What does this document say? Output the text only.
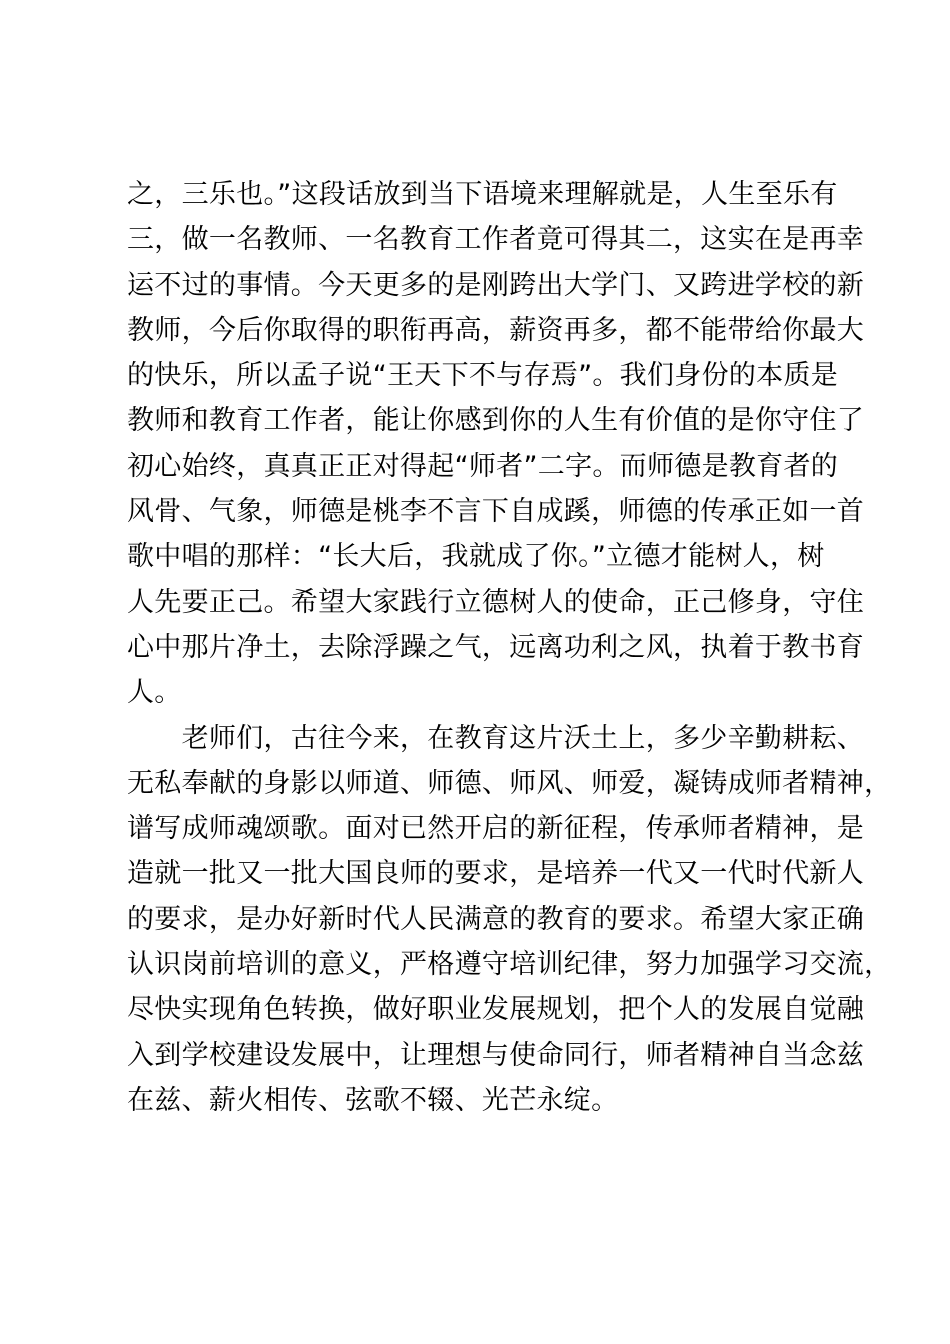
之，三乐也。”这段话放到当下语境来理解就是，人生至乐有
三，做一名教师、一名教育工作者竟可得其二，这实在是再幸
运不过的事情。今天更多的是刚跨出大学门、又跨进学校的新
教师，今后你取得的职衔再高，薪资再多，都不能带给你最大
的快乐，所以孟子说“王天下不与存焉”。我们身份的本质是
教师和教育工作者，能让你感到你的人生有价值的是你守住了
初心始终，真真正正对得起“师者”二字。而师德是教育者的
风骨、气象，师德是桃李不言下自成蹊，师德的传承正如一首
歌中唱的那样：“长大后，我就成了你。”立德才能树人，树
人先要正己。希望大家践行立德树人的使命，正己修身，守住
心中那片净土，去除浮躁之气，远离功利之风，执着于教书育
人。
　　老师们，古往今来，在教育这片沃土上，多少辛勤耕耘、
无私奉献的身影以师道、师德、师风、师爱，凝铸成师者精神，
谱写成师魂颂歌。面对已然开启的新征程，传承师者精神，是
造就一批又一批大国良师的要求，是培养一代又一代时代新人
的要求，是办好新时代人民满意的教育的要求。希望大家正确
认识岗前培训的意义，严格遵守培训纪律，努力加强学习交流，
尽快实现角色转换，做好职业发展规划，把个人的发展自觉融
入到学校建设发展中，让理想与使命同行，师者精神自当念兹
在兹、薪火相传、弦歌不辍、光芒永绽。
